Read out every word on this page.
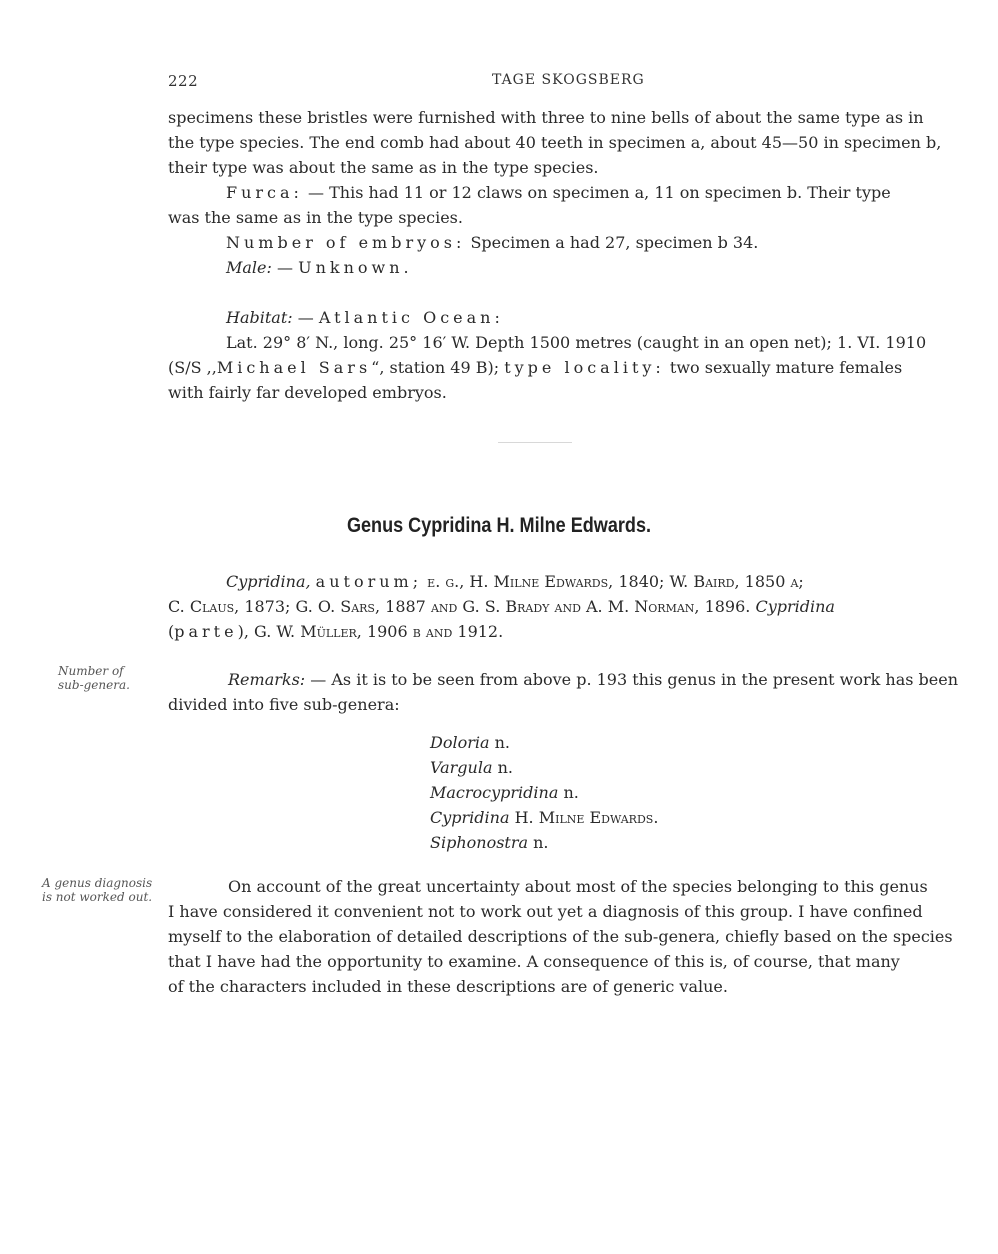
222	TAGE SKOGSBERG
specimens these bristles were furnished with three to nine bells of about the same type as in
the type species. The end comb had about 40 teeth in specimen a, about 45—50 in specimen b,
their type was about the same as in the type species.
Furca: — This had 11 or 12 claws on specimen a, 11 on specimen b. Their type
was the same as in the type species.
Number of embryos: Specimen a had 27, specimen b 34.
Male: — Unknown.
Habitat: — Atlantic Ocean:
Lat. 29° 8′ N., long. 25° 16′ W. Depth 1500 metres (caught in an open net); 1. VI. 1910
(S/S ,,Michael Sars“, station 49 B); type locality: two sexually mature females
with fairly far developed embryos.
Genus Cypridina H. Milne Edwards.
Cypridina, autorum; e. g., H. Milne Edwards, 1840; W. Baird, 1850 a;
C. Claus, 1873; G. O. Sars, 1887 and G. S. Brady and A. M. Norman, 1896. Cypridina
(parte), G. W. Müller, 1906 b and 1912.
Number of
sub-genera.	Remarks: — As it is to be seen from above p. 193 this genus in the present work has been
divided into five sub-genera:
Doloria n.
Vargula n.
Macrocypridina n.
Cypridina H. Milne Edwards.
Siphonostra n.
A genus diagnosis
is not worked out.
On account of the great uncertainty about most of the species belonging to this genus
I have considered it convenient not to work out yet a diagnosis of this group. I have confined
myself to the elaboration of detailed descriptions of the sub-genera, chiefly based on the species
that I have had the opportunity to examine. A consequence of this is, of course, that many
of the characters included in these descriptions are of generic value.
